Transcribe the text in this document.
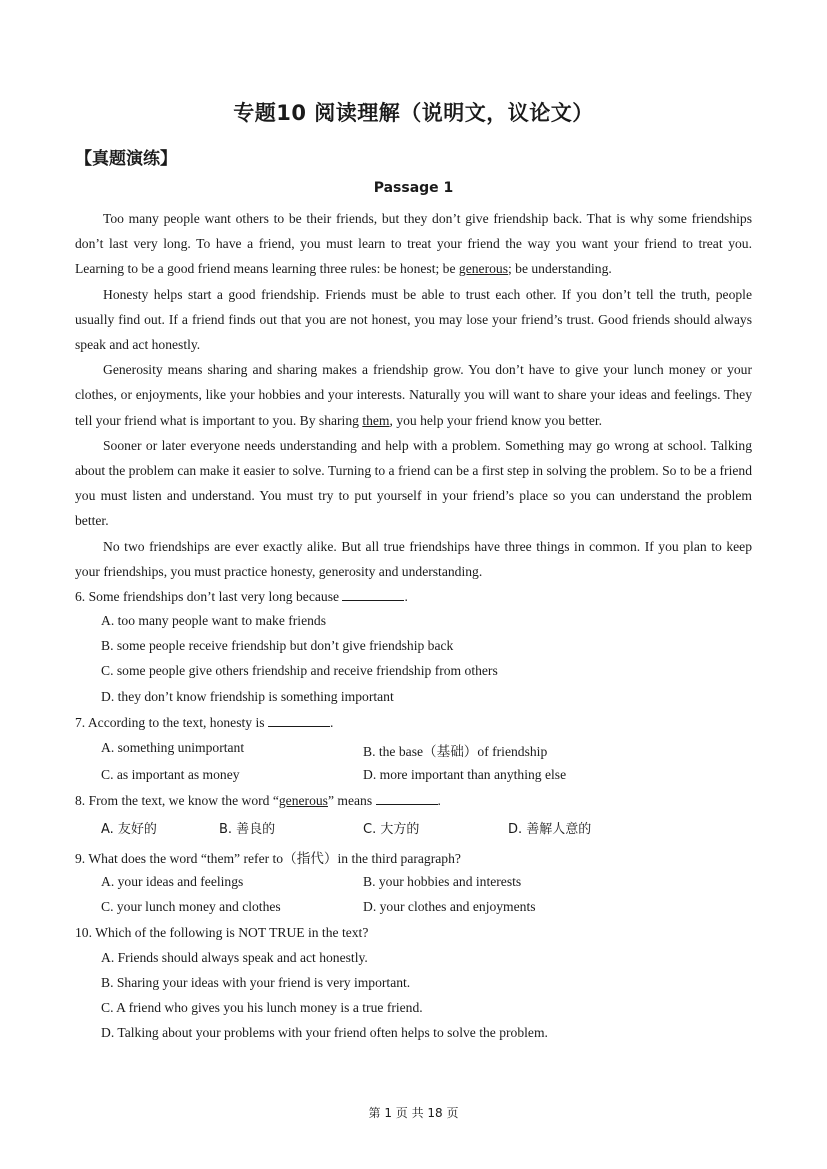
专题10 阅读理解（说明文，议论文）
【真题演练】
Passage 1

Too many people want others to be their friends, but they don’t give friendship back. That is why some friendships don’t last very long. To have a friend, you must learn to treat your friend the way you want your friend to treat you. Learning to be a good friend means learning three rules: be honest; be generous; be understanding.

Honesty helps start a good friendship. Friends must be able to trust each other. If you don’t tell the truth, people usually find out. If a friend finds out that you are not honest, you may lose your friend’s trust. Good friends should always speak and act honestly.

Generosity means sharing and sharing makes a friendship grow. You don’t have to give your lunch money or your clothes, or enjoyments, like your hobbies and your interests. Naturally you will want to share your ideas and feelings. They tell your friend what is important to you. By sharing them, you help your friend know you better.

Sooner or later everyone needs understanding and help with a problem. Something may go wrong at school. Talking about the problem can make it easier to solve. Turning to a friend can be a first step in solving the problem. So to be a friend you must listen and understand. You must try to put yourself in your friend’s place so you can understand the problem better.

No two friendships are ever exactly alike. But all true friendships have three things in common. If you plan to keep your friendships, you must practice honesty, generosity and understanding.

6. Some friendships don’t last very long because	.
A. too many people want to make friends
B. some people receive friendship but don’t give friendship back
C. some people give others friendship and receive friendship from others
D. they don’t know friendship is something important
7. According to the text, honesty is	.
A. something unimportant	B. the base（基础）of friendship
C. as important as money	D. more important than anything else
8. From the text, we know the word “generous” means	.
A. 友好的	B. 善良的	C. 大方的	D. 善解人意的
9. What does the word “them” refer to（指代）in the third paragraph?
A. your ideas and feelings	B. your hobbies and interests
C. your lunch money and clothes	D. your clothes and enjoyments
10. Which of the following is NOT TRUE in the text?
A. Friends should always speak and act honestly.
B. Sharing your ideas with your friend is very important.
C. A friend who gives you his lunch money is a true friend.
D. Talking about your problems with your friend often helps to solve the problem.
第 1 页 共 18 页
